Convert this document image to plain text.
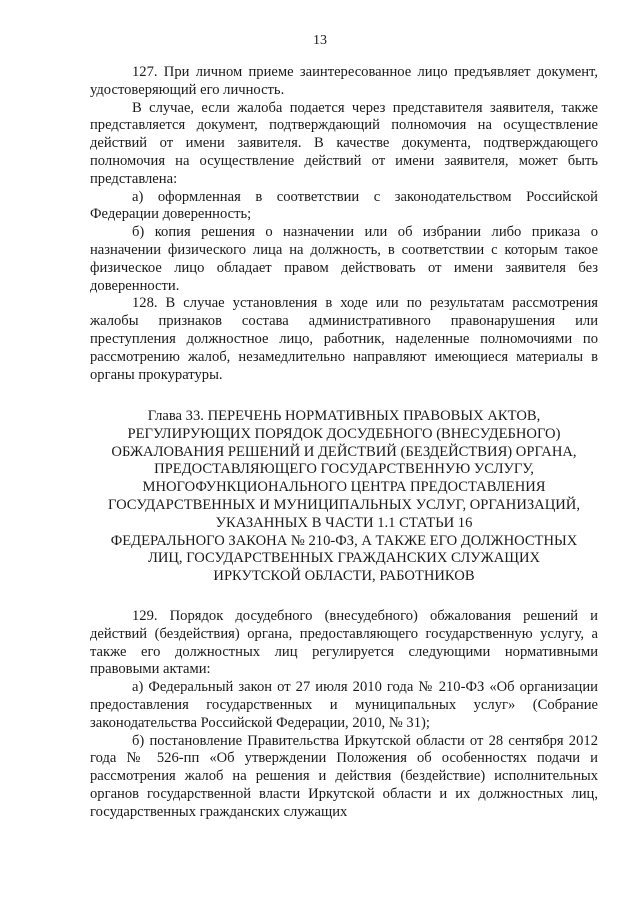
13

127. При личном приеме заинтересованное лицо предъявляет документ, удостоверяющий его личность.

В случае, если жалоба подается через представителя заявителя, также представляется документ, подтверждающий полномочия на осуществление действий от имени заявителя. В качестве документа, подтверждающего полномочия на осуществление действий от имени заявителя, может быть представлена:

а) оформленная в соответствии с законодательством Российской Федерации доверенность;

б) копия решения о назначении или об избрании либо приказа о назначении физического лица на должность, в соответствии с которым такое физическое лицо обладает правом действовать от имени заявителя без доверенности.

128. В случае установления в ходе или по результатам рассмотрения жалобы признаков состава административного правонарушения или преступления должностное лицо, работник, наделенные полномочиями по рассмотрению жалоб, незамедлительно направляют имеющиеся материалы в органы прокуратуры.

Глава 33. ПЕРЕЧЕНЬ НОРМАТИВНЫХ ПРАВОВЫХ АКТОВ,
РЕГУЛИРУЮЩИХ ПОРЯДОК ДОСУДЕБНОГО (ВНЕСУДЕБНОГО)
ОБЖАЛОВАНИЯ РЕШЕНИЙ И ДЕЙСТВИЙ (БЕЗДЕЙСТВИЯ) ОРГАНА,
ПРЕДОСТАВЛЯЮЩЕГО ГОСУДАРСТВЕННУЮ УСЛУГУ,
МНОГОФУНКЦИОНАЛЬНОГО ЦЕНТРА ПРЕДОСТАВЛЕНИЯ
ГОСУДАРСТВЕННЫХ И МУНИЦИПАЛЬНЫХ УСЛУГ, ОРГАНИЗАЦИЙ,
УКАЗАННЫХ В ЧАСТИ 1.1 СТАТЬИ 16
ФЕДЕРАЛЬНОГО ЗАКОНА № 210-ФЗ, А ТАКЖЕ ЕГО ДОЛЖНОСТНЫХ
ЛИЦ, ГОСУДАРСТВЕННЫХ ГРАЖДАНСКИХ СЛУЖАЩИХ
ИРКУТСКОЙ ОБЛАСТИ, РАБОТНИКОВ

129. Порядок досудебного (внесудебного) обжалования решений и действий (бездействия) органа, предоставляющего государственную услугу, а также его должностных лиц регулируется следующими нормативными правовыми актами:

а) Федеральный закон от 27 июля 2010 года № 210-ФЗ «Об организации предоставления государственных и муниципальных услуг» (Собрание законодательства Российской Федерации, 2010, № 31);

б) постановление Правительства Иркутской области от 28 сентября 2012 года № 526-пп «Об утверждении Положения об особенностях подачи и рассмотрения жалоб на решения и действия (бездействие) исполнительных органов государственной власти Иркутской области и их должностных лиц, государственных гражданских служащих
